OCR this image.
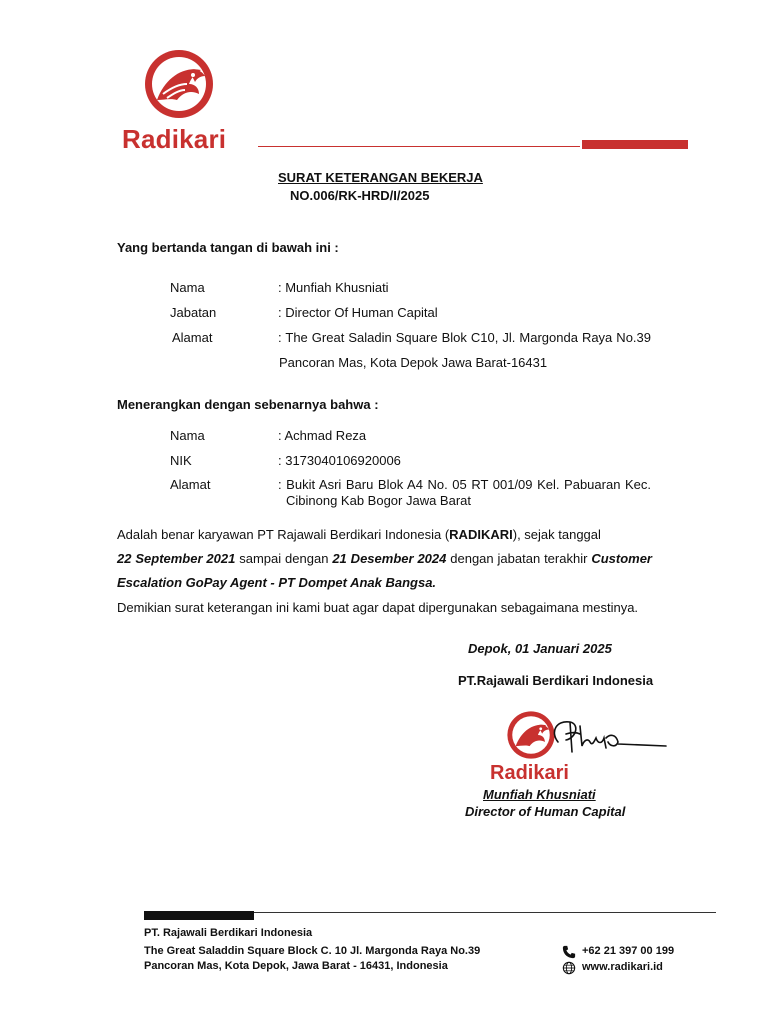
Radikari
SURAT KETERANGAN BEKERJA
NO.006/RK-HRD/I/2025
Yang bertanda tangan di bawah ini :
Nama	: Munfiah Khusniati
Jabatan	: Director Of Human Capital
Alamat	: The Great Saladin Square Blok C10, Jl. Margonda Raya No.39
Pancoran Mas, Kota Depok Jawa Barat-16431
Menerangkan dengan sebenarnya bahwa :
Nama	: Achmad Reza
NIK	: 3173040106920006
Alamat	: Bukit Asri Baru Blok A4 No. 05 RT 001/09 Kel. Pabuaran Kec.
Cibinong Kab Bogor Jawa Barat
Adalah benar karyawan PT Rajawali Berdikari Indonesia (RADIKARI), sejak tanggal
22 September 2021 sampai dengan 21 Desember 2024 dengan jabatan terakhir Customer
Escalation GoPay Agent - PT Dompet Anak Bangsa.
Demikian surat keterangan ini kami buat agar dapat dipergunakan sebagaimana mestinya.
Depok, 01 Januari 2025
PT.Rajawali Berdikari Indonesia
Radikari
Munfiah Khusniati
Director of Human Capital
PT. Rajawali Berdikari Indonesia
The Great Saladdin Square Block C. 10 Jl. Margonda Raya No.39
Pancoran Mas, Kota Depok, Jawa Barat - 16431, Indonesia
+62 21 397 00 199
www.radikari.id
